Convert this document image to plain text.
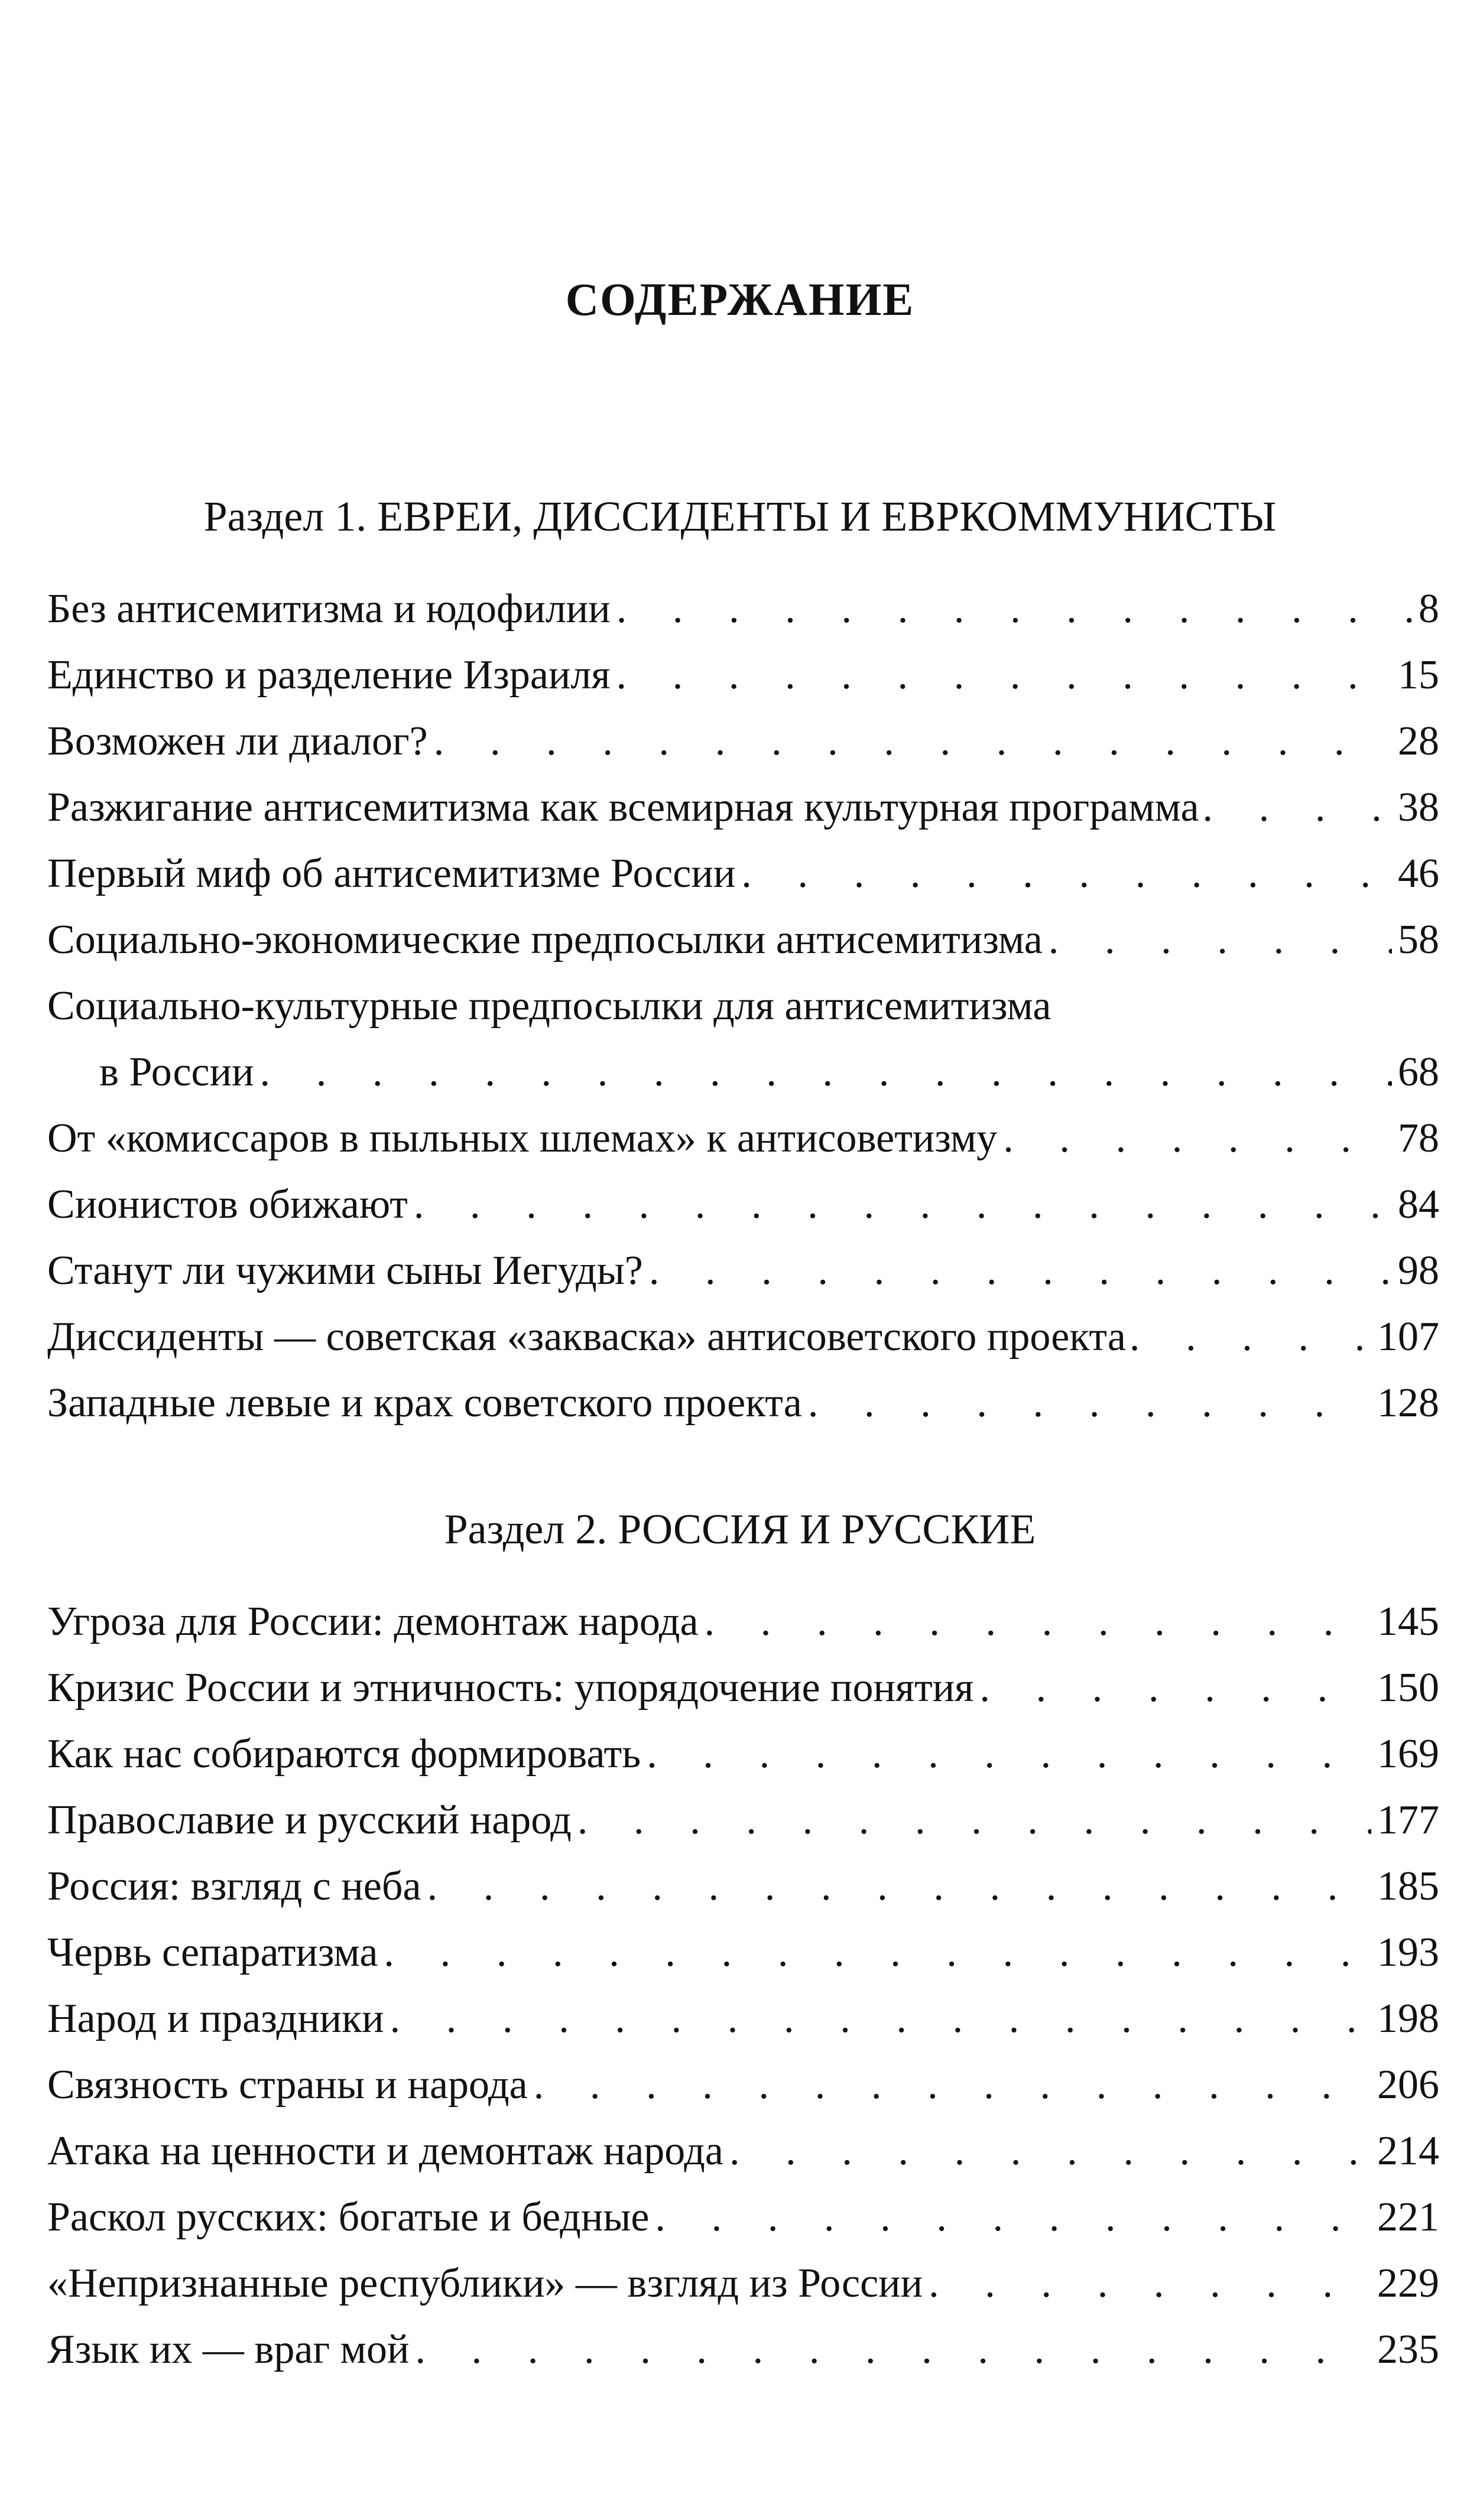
СОДЕРЖАНИЕ
Раздел 1. ЕВРЕИ, ДИССИДЕНТЫ И ЕВРКОММУНИСТЫ
Без антисемитизма и юдофилии . . .	8
Единство и разделение Израиля . . .	15
Возможен ли диалог? . . .	28
Разжигание антисемитизма как всемирная культурная программа . . .	38
Первый миф об антисемитизме России . . .	46
Социально-экономические предпосылки антисемитизма . . .	58
Социально-культурные предпосылки для антисемитизма
в России . . .	68
От «комиссаров в пыльных шлемах» к антисоветизму . . .	78
Сионистов обижают . . .	84
Станут ли чужими сыны Иегуды? . . .	98
Диссиденты — советская «закваска» антисоветского проекта . . .	107
Западные левые и крах советского проекта . . .	128
Раздел 2. РОССИЯ И РУССКИЕ
Угроза для России: демонтаж народа . . .	145
Кризис России и этничность: упорядочение понятия . . .	150
Как нас собираются формировать . . .	169
Православие и русский народ . . .	177
Россия: взгляд с неба . . .	185
Червь сепаратизма . . .	193
Народ и праздники . . .	198
Связность страны и народа . . .	206
Атака на ценности и демонтаж народа . . .	214
Раскол русских: богатые и бедные . . .	221
«Непризнанные республики» — взгляд из России . . .	229
Язык их — враг мой . . .	235
